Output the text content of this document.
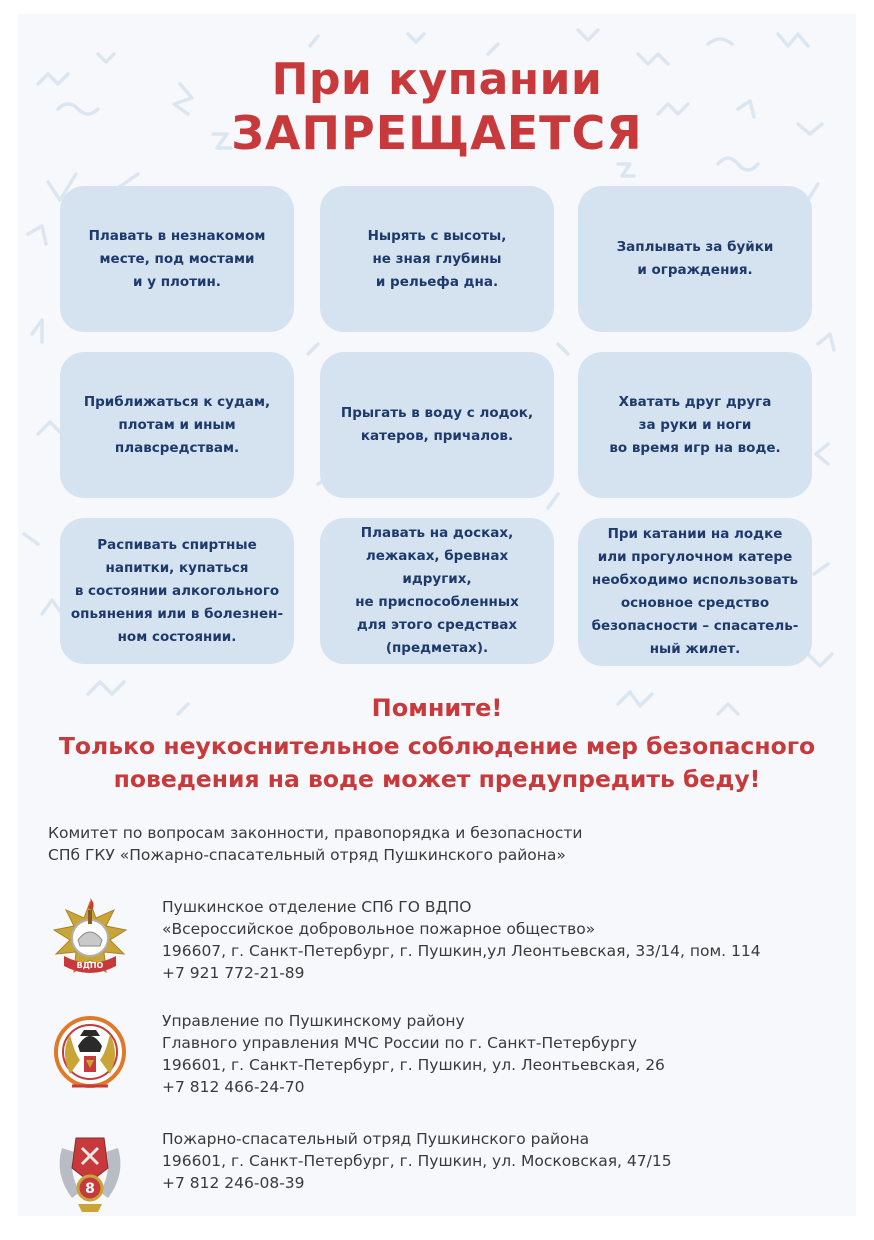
При купании
ЗАПРЕЩАЕТСЯ
Плавать в незнакомом
месте, под мостами
и у плотин.
Нырять с высоты,
не зная глубины
и рельефа дна.
Заплывать за буйки
и ограждения.
Приближаться к судам,
плотам и иным
плавсредствам.
Прыгать в воду с лодок,
катеров, причалов.
Хватать друг друга
за руки и ноги
во время игр на воде.
Распивать спиртные
напитки, купаться
в состоянии алкогольного
опьянения или в болезнен-
ном состоянии.
Плавать на досках,
лежаках, бревнах идругих,
не приспособленных
для этого средствах
(предметах).
При катании на лодке
или прогулочном катере
необходимо использовать
основное средство
безопасности – спасатель-
ный жилет.
Помните!
Только неукоснительное соблюдение мер безопасного
поведения на воде может предупредить беду!
Комитет по вопросам законности, правопорядка и безопасности
СПб ГКУ «Пожарно-спасательный отряд Пушкинского района»
ВДПО
Пушкинское отделение СПб ГО ВДПО
«Всероссийское добровольное пожарное общество»
196607, г. Санкт-Петербург, г. Пушкин,ул Леонтьевская, 33/14, пом. 114
+7 921 772-21-89
Управление по Пушкинскому району
Главного управления МЧС России по г. Санкт-Петербургу
196601, г. Санкт-Петербург, г. Пушкин, ул. Леонтьевская, 26
+7 812 466-24-70
8
Пожарно-спасательный отряд Пушкинского района
196601, г. Санкт-Петербург, г. Пушкин, ул. Московская, 47/15
+7 812 246-08-39
